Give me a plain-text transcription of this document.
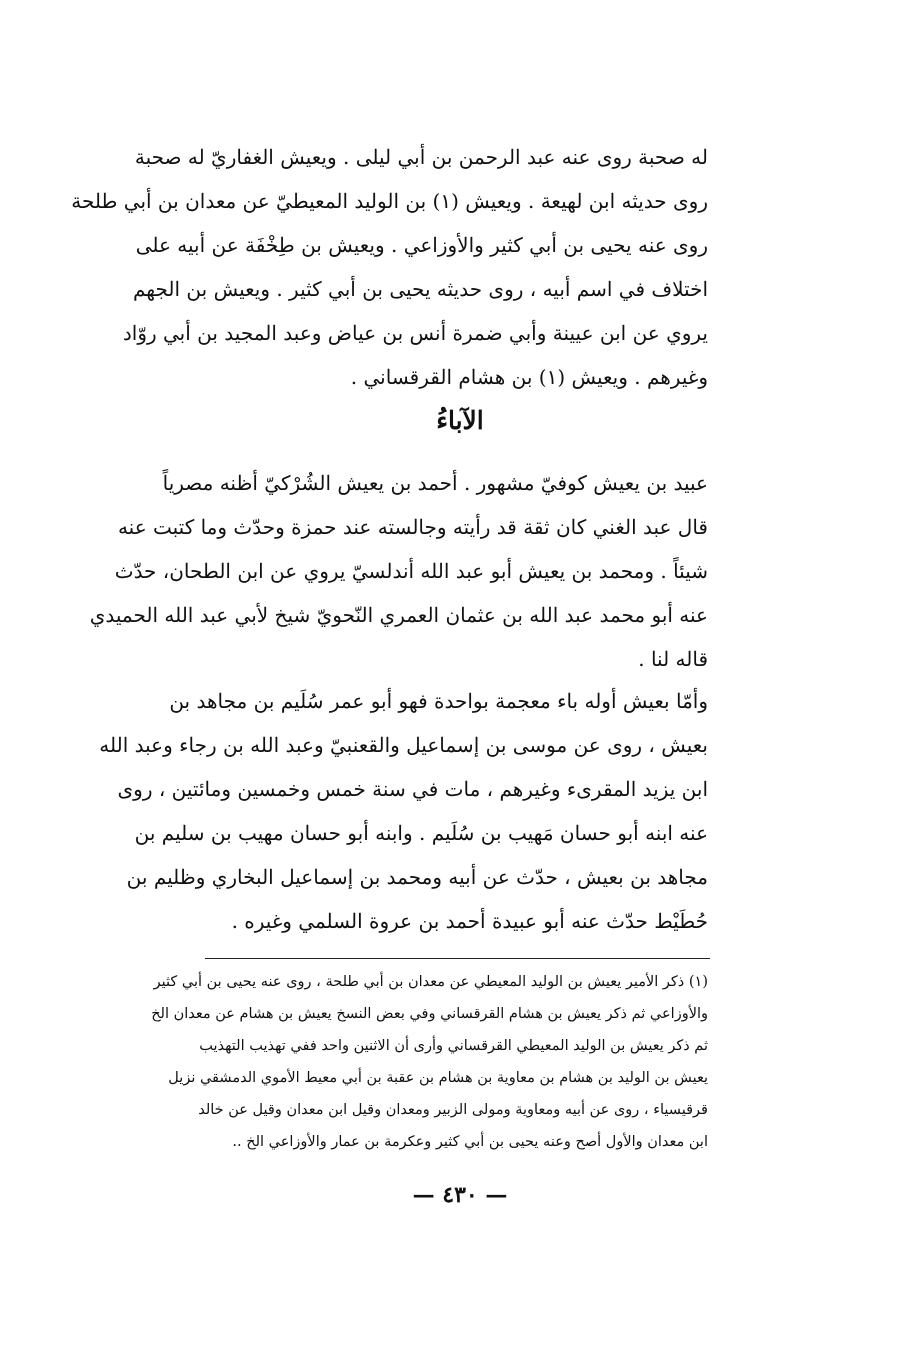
له صحبة روى عنه عبد الرحمن بن أبي ليلى . ويعيش الغفاريّ له صحبة
روى حديثه ابن لهيعة . ويعيش (١) بن الوليد المعيطيّ عن معدان بن أبي طلحة
روى عنه يحيى بن أبي كثير والأوزاعي . ويعيش بن طِخْفَة عن أبيه على
اختلاف في اسم أبيه ، روى حديثه يحيى بن أبي كثير . ويعيش بن الجهم
يروي عن ابن عيينة وأبي ضمرة أنس بن عياض وعبد المجيد بن أبي روّاد
وغيرهم . ويعيش (١) بن هشام القرقساني .
الآباءُ
عبيد بن يعيش كوفيّ مشهور . أحمد بن يعيش الشُرْكيّ أظنه مصرياً
قال عبد الغني كان ثقة قد رأيته وجالسته عند حمزة وحدّث وما كتبت عنه
شيئاً . ومحمد بن يعيش أبو عبد الله أندلسيّ يروي عن ابن الطحان، حدّث
عنه أبو محمد عبد الله بن عثمان العمري النّحويّ شيخ لأبي عبد الله الحميدي
قاله لنا .
وأمّا بعيش أوله باء معجمة بواحدة فهو أبو عمر سُلَيم بن مجاهد بن
بعيش ، روى عن موسى بن إسماعيل والقعنبيّ وعبد الله بن رجاء وعبد الله
ابن يزيد المقرىء وغيرهم ، مات في سنة خمس وخمسين ومائتين ، روى
عنه ابنه أبو حسان مَهيب بن سُلَيم . وابنه أبو حسان مهيب بن سليم بن
مجاهد بن بعيش ، حدّث عن أبيه ومحمد بن إسماعيل البخاري وظليم بن
حُطَيْط حدّث عنه أبو عبيدة أحمد بن عروة السلمي وغيره .
(١) ذكر الأمير يعيش بن الوليد المعيطي عن معدان بن أبي طلحة ، روى عنه يحيى بن أبي كثير
والأوزاعي ثم ذكر يعيش بن هشام القرقساني وفي بعض النسخ يعيش بن هشام عن معدان الخ
ثم ذكر يعيش بن الوليد المعيطي القرقساني وأرى أن الاثنين واحد ففي تهذيب التهذيب
يعيش بن الوليد بن هشام بن معاوية بن هشام بن عقبة بن أبي معيط الأموي الدمشقي نزيل
قرقيسياء ، روى عن أبيه ومعاوية ومولى الزبير ومعدان وقيل ابن معدان وقيل عن خالد
ابن معدان والأول أصح وعنه يحيى بن أبي كثير وعكرمة بن عمار والأوزاعي الخ ..
— ٤٣٠ —
